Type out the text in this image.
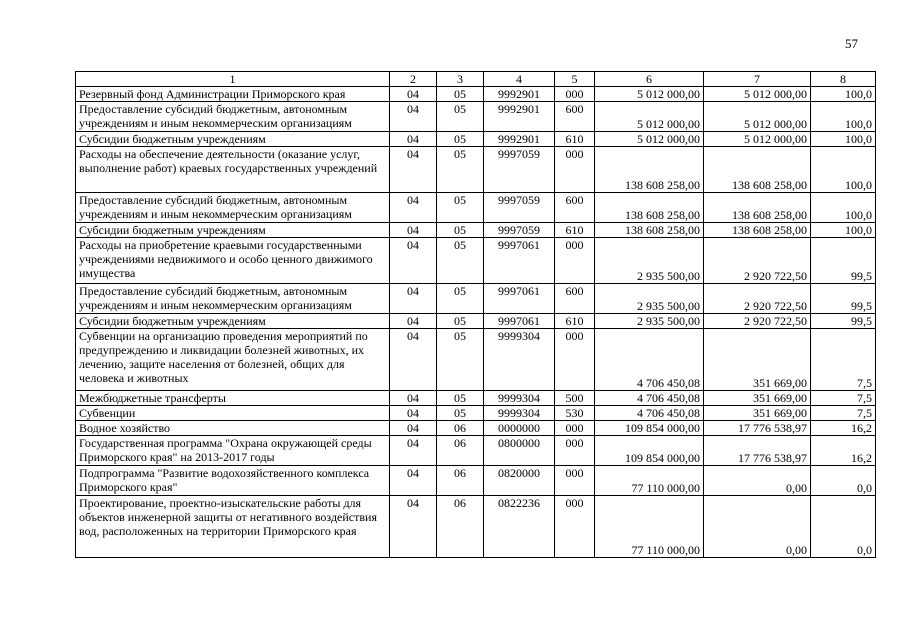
57
1	2	3	4	5	6	7	8
Резервный фонд Администрации Приморского края	04	05	9992901	000	5 012 000,00	5 012 000,00	100,0
Предоставление субсидий бюджетным, автономным учреждениям и иным некоммерческим организациям	04	05	9992901	600	5 012 000,00	5 012 000,00	100,0
Субсидии бюджетным учреждениям	04	05	9992901	610	5 012 000,00	5 012 000,00	100,0
Расходы на обеспечение деятельности (оказание услуг, выполнение работ) краевых государственных учреждений	04	05	9997059	000	138 608 258,00	138 608 258,00	100,0
Предоставление субсидий бюджетным, автономным учреждениям и иным некоммерческим организациям	04	05	9997059	600	138 608 258,00	138 608 258,00	100,0
Субсидии бюджетным учреждениям	04	05	9997059	610	138 608 258,00	138 608 258,00	100,0
Расходы на приобретение краевыми государственными учреждениями недвижимого и особо ценного движимого имущества	04	05	9997061	000	2 935 500,00	2 920 722,50	99,5
Предоставление субсидий бюджетным, автономным учреждениям и иным некоммерческим организациям	04	05	9997061	600	2 935 500,00	2 920 722,50	99,5
Субсидии бюджетным учреждениям	04	05	9997061	610	2 935 500,00	2 920 722,50	99,5
Субвенции на организацию проведения мероприятий по предупреждению и ликвидации болезней животных, их лечению, защите населения от болезней, общих для человека и животных	04	05	9999304	000	4 706 450,08	351 669,00	7,5
Межбюджетные трансферты	04	05	9999304	500	4 706 450,08	351 669,00	7,5
Субвенции	04	05	9999304	530	4 706 450,08	351 669,00	7,5
Водное хозяйство	04	06	0000000	000	109 854 000,00	17 776 538,97	16,2
Государственная программа "Охрана окружающей среды Приморского края" на 2013-2017 годы	04	06	0800000	000	109 854 000,00	17 776 538,97	16,2
Подпрограмма "Развитие водохозяйственного комплекса Приморского края"	04	06	0820000	000	77 110 000,00	0,00	0,0
Проектирование, проектно-изыскательские работы для объектов инженерной защиты от негативного воздействия вод, расположенных на территории Приморского края	04	06	0822236	000	77 110 000,00	0,00	0,0
